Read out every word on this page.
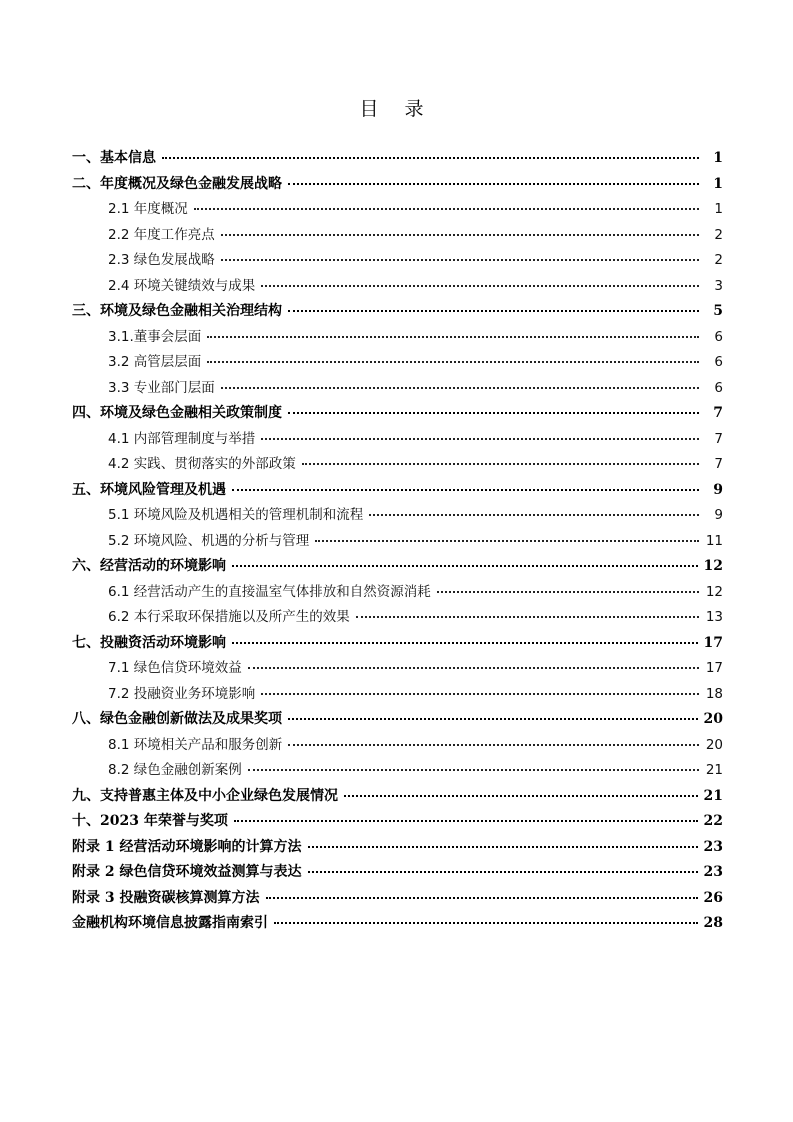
目 录
一、基本信息	1
二、年度概况及绿色金融发展战略	1
2.1 年度概况	1
2.2 年度工作亮点	2
2.3 绿色发展战略	2
2.4 环境关键绩效与成果	3
三、环境及绿色金融相关治理结构	5
3.1.董事会层面	6
3.2 高管层层面	6
3.3 专业部门层面	6
四、环境及绿色金融相关政策制度	7
4.1 内部管理制度与举措	7
4.2 实践、贯彻落实的外部政策	7
五、环境风险管理及机遇	9
5.1 环境风险及机遇相关的管理机制和流程	9
5.2 环境风险、机遇的分析与管理	11
六、经营活动的环境影响	12
6.1 经营活动产生的直接温室气体排放和自然资源消耗	12
6.2 本行采取环保措施以及所产生的效果	13
七、投融资活动环境影响	17
7.1 绿色信贷环境效益	17
7.2 投融资业务环境影响	18
八、绿色金融创新做法及成果奖项	20
8.1 环境相关产品和服务创新	20
8.2 绿色金融创新案例	21
九、支持普惠主体及中小企业绿色发展情况	21
十、2023 年荣誉与奖项	22
附录 1 经营活动环境影响的计算方法	23
附录 2 绿色信贷环境效益测算与表达	23
附录 3 投融资碳核算测算方法	26
金融机构环境信息披露指南索引	28
